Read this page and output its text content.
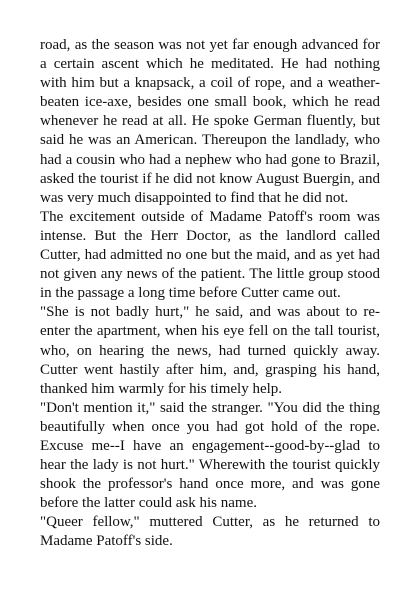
road, as the season was not yet far enough advanced for a certain ascent which he meditated. He had nothing with him but a knapsack, a coil of rope, and a weather-beaten ice-axe, besides one small book, which he read whenever he read at all. He spoke German fluently, but said he was an American. Thereupon the landlady, who had a cousin who had a nephew who had gone to Brazil, asked the tourist if he did not know August Buergin, and was very much disappointed to find that he did not.

The excitement outside of Madame Patoff's room was intense. But the Herr Doctor, as the landlord called Cutter, had admitted no one but the maid, and as yet had not given any news of the patient. The little group stood in the passage a long time before Cutter came out.

"She is not badly hurt," he said, and was about to re-enter the apartment, when his eye fell on the tall tourist, who, on hearing the news, had turned quickly away. Cutter went hastily after him, and, grasping his hand, thanked him warmly for his timely help.

"Don't mention it," said the stranger. "You did the thing beautifully when once you had got hold of the rope. Excuse me--I have an engagement--good-by--glad to hear the lady is not hurt." Wherewith the tourist quickly shook the professor's hand once more, and was gone before the latter could ask his name.

"Queer fellow," muttered Cutter, as he returned to Madame Patoff's side.
